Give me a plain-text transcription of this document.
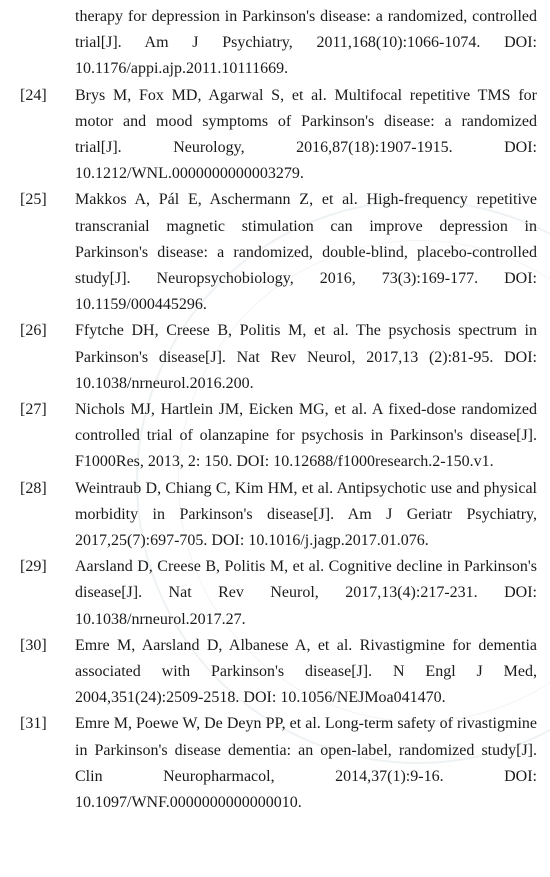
therapy for depression in Parkinson's disease: a randomized, controlled trial[J]. Am J Psychiatry, 2011,168(10):1066-1074. DOI: 10.1176/appi.ajp.2011.10111669.
[24]	Brys M, Fox MD, Agarwal S, et al. Multifocal repetitive TMS for motor and mood symptoms of Parkinson's disease: a randomized trial[J]. Neurology, 2016,87(18):1907-1915. DOI: 10.1212/WNL.0000000000003279.
[25]	Makkos A, Pál E, Aschermann Z, et al. High-frequency repetitive transcranial magnetic stimulation can improve depression in Parkinson's disease: a randomized, double-blind, placebo-controlled study[J]. Neuropsychobiology, 2016, 73(3):169-177. DOI: 10.1159/000445296.
[26]	Ffytche DH, Creese B, Politis M, et al. The psychosis spectrum in Parkinson's disease[J]. Nat Rev Neurol, 2017,13 (2):81-95. DOI: 10.1038/nrneurol.2016.200.
[27]	Nichols MJ, Hartlein JM, Eicken MG, et al. A fixed-dose randomized controlled trial of olanzapine for psychosis in Parkinson's disease[J]. F1000Res, 2013, 2: 150. DOI: 10.12688/f1000research.2-150.v1.
[28]	Weintraub D, Chiang C, Kim HM, et al. Antipsychotic use and physical morbidity in Parkinson's disease[J]. Am J Geriatr Psychiatry, 2017,25(7):697-705. DOI: 10.1016/j.jagp.2017.01.076.
[29]	Aarsland D, Creese B, Politis M, et al. Cognitive decline in Parkinson's disease[J]. Nat Rev Neurol, 2017,13(4):217-231. DOI: 10.1038/nrneurol.2017.27.
[30]	Emre M, Aarsland D, Albanese A, et al. Rivastigmine for dementia associated with Parkinson's disease[J]. N Engl J Med, 2004,351(24):2509-2518. DOI: 10.1056/NEJMoa041470.
[31]	Emre M, Poewe W, De Deyn PP, et al. Long-term safety of rivastigmine in Parkinson's disease dementia: an open-label, randomized study[J]. Clin Neuropharmacol, 2014,37(1):9-16. DOI: 10.1097/WNF.0000000000000010.
